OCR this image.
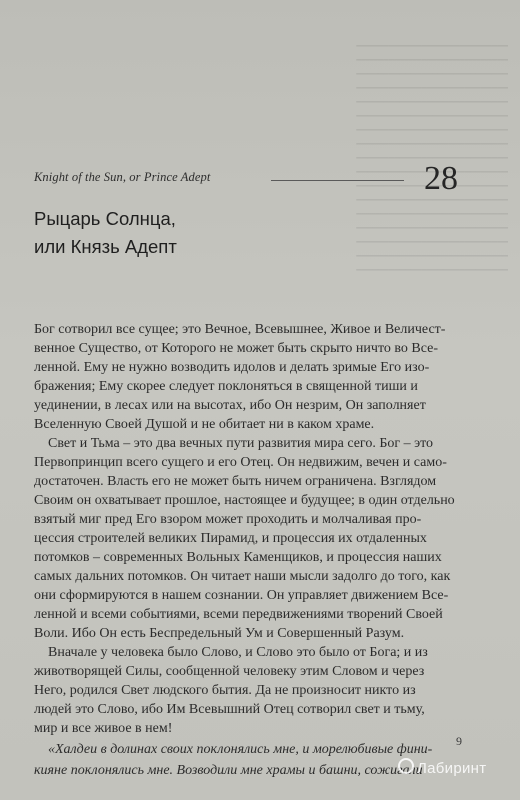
━━━━━━━━━━━━━━━━━━━━━━━━━━━━
━━━━━━━━━━━━━━━━━━━━━━━━━━━━
━━━━━━━━━━━━━━━━━━━━━━━━━━━━
━━━━━━━━━━━━━━━━━━━━━━━━━━━━
━━━━━━━━━━━━━━━━━━━━━━━━━━━━
━━━━━━━━━━━━━━━━━━━━━━━━━━━━
━━━━━━━━━━━━━━━━━━━━━━━━━━━━
━━━━━━━━━━━━━━━━━━━━━━━━━━━━
━━━━━━━━━━━━━━━━━━━━━━━━━━━━
━━━━━━━━━━━━━━━━━━━━━━━━━━━━
━━━━━━━━━━━━━━━━━━━━━━━━━━━━
━━━━━━━━━━━━━━━━━━━━━━━━━━━━
━━━━━━━━━━━━━━━━━━━━━━━━━━━━
━━━━━━━━━━━━━━━━━━━━━━━━━━━━
━━━━━━━━━━━━━━━━━━━━━━━━━━━━
━━━━━━━━━━━━━━━━━━━━━━━━━━━━
━━━━━━━━━━━━━━━━━━━━━━━━━━━━
Knight of the Sun, or Prince Adept	28
Рыцарь Солнца,
или Князь Адепт
Бог сотворил все сущее; это Вечное, Всевышнее, Живое и Величест-
венное Существо, от Которого не может быть скрыто ничто во Все-
ленной. Ему не нужно возводить идолов и делать зримые Его изо-
бражения; Ему скорее следует поклоняться в священной тиши и
уединении, в лесах или на высотах, ибо Он незрим, Он заполняет
Вселенную Своей Душой и не обитает ни в каком храме.
Свет и Тьма – это два вечных пути развития мира сего. Бог – это
Первопринцип всего сущего и его Отец. Он недвижим, вечен и само-
достаточен. Власть его не может быть ничем ограничена. Взглядом
Своим он охватывает прошлое, настоящее и будущее; в один отдельно
взятый миг пред Его взором может проходить и молчаливая про-
цессия строителей великих Пирамид, и процессия их отдаленных
потомков – современных Вольных Каменщиков, и процессия наших
самых дальних потомков. Он читает наши мысли задолго до того, как
они сформируются в нашем сознании. Он управляет движением Все-
ленной и всеми событиями, всеми передвижениями творений Своей
Воли. Ибо Он есть Беспредельный Ум и Совершенный Разум.
Вначале у человека было Слово, и Слово это было от Бога; и из
животворящей Силы, сообщенной человеку этим Словом и через
Него, родился Свет людского бытия. Да не произносит никто из
людей это Слово, ибо Им Всевышний Отец сотворил свет и тьму,
мир и все живое в нем!
«Халдеи в долинах своих поклонялись мне, и морелюбивые фини-
кияне поклонялись мне. Возводили мне храмы и башни, сожигали
9
Лабиринт
